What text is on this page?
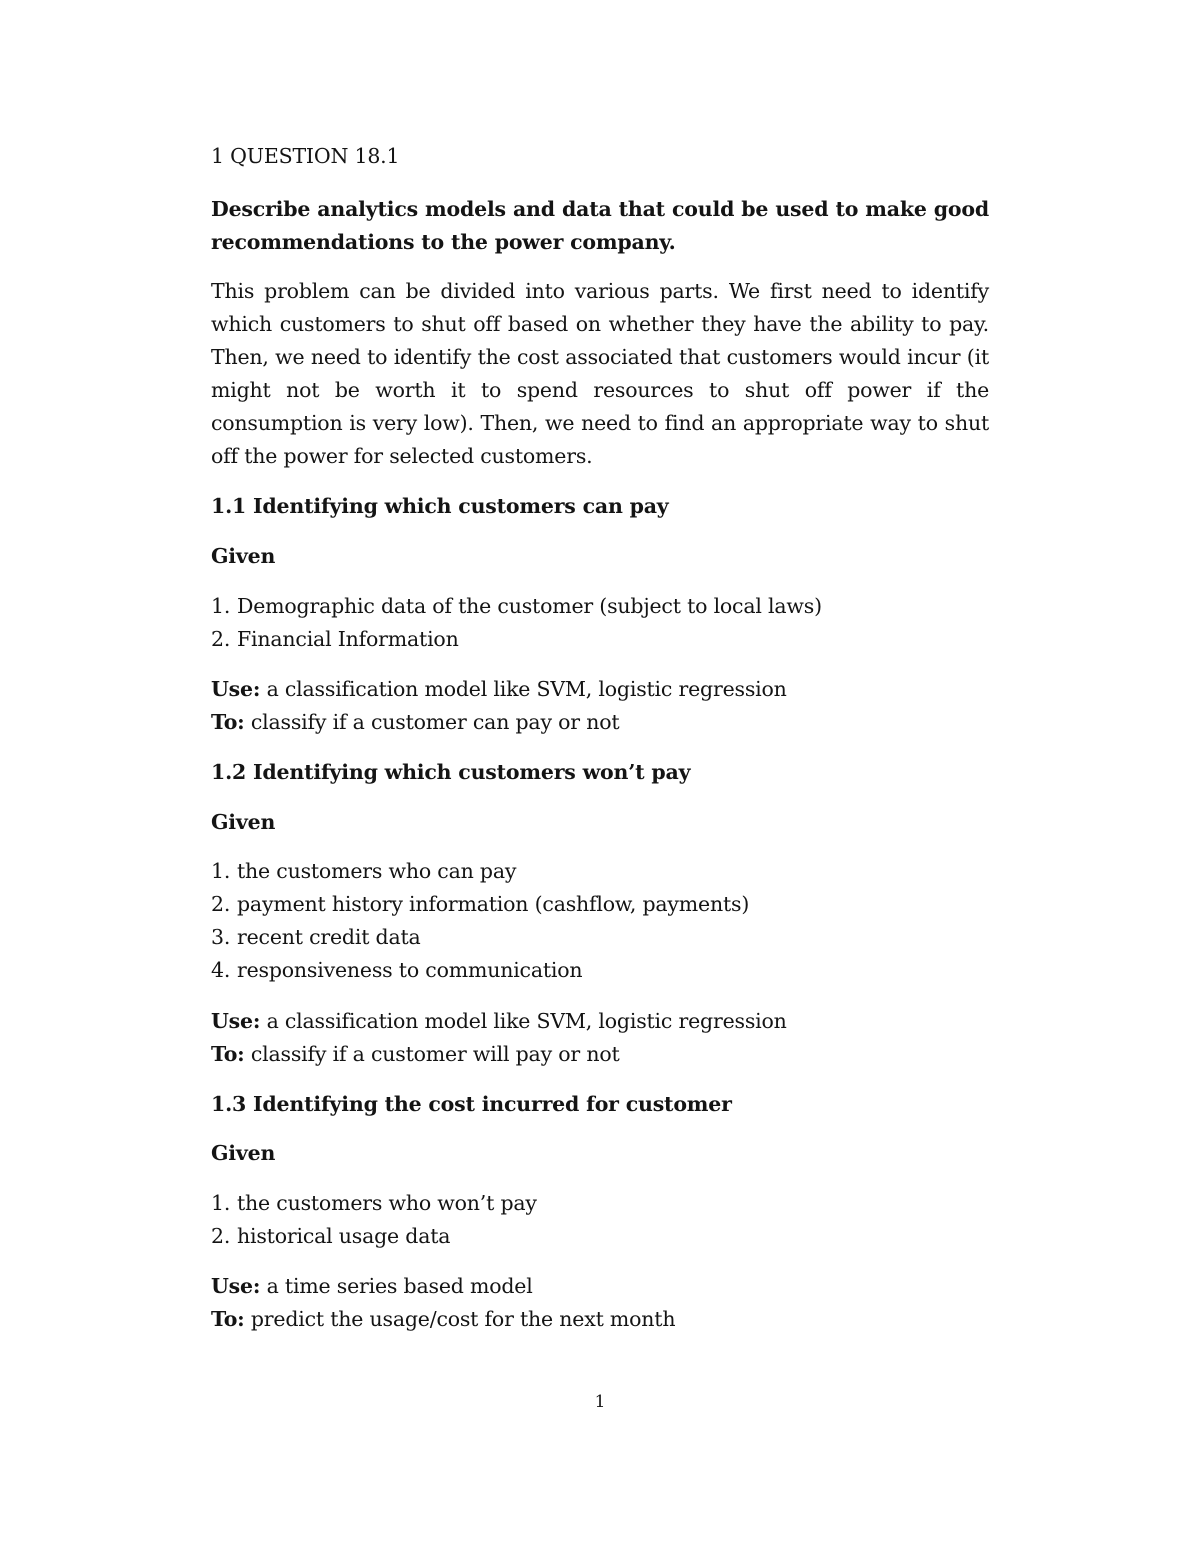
1 QUESTION 18.1

Describe analytics models and data that could be used to make good recommendations to the power company.

This problem can be divided into various parts. We first need to identify which customers to shut off based on whether they have the ability to pay. Then, we need to identify the cost associated that customers would incur (it might not be worth it to spend resources to shut off power if the consumption is very low). Then, we need to find an appropriate way to shut off the power for selected customers.

1.1 Identifying which customers can pay
Given
1. Demographic data of the customer (subject to local laws)
2. Financial Information
Use: a classification model like SVM, logistic regression
To: classify if a customer can pay or not
1.2 Identifying which customers won’t pay
Given
1. the customers who can pay
2. payment history information (cashflow, payments)
3. recent credit data
4. responsiveness to communication
Use: a classification model like SVM, logistic regression
To: classify if a customer will pay or not
1.3 Identifying the cost incurred for customer
Given
1. the customers who won’t pay
2. historical usage data
Use: a time series based model
To: predict the usage/cost for the next month
1
